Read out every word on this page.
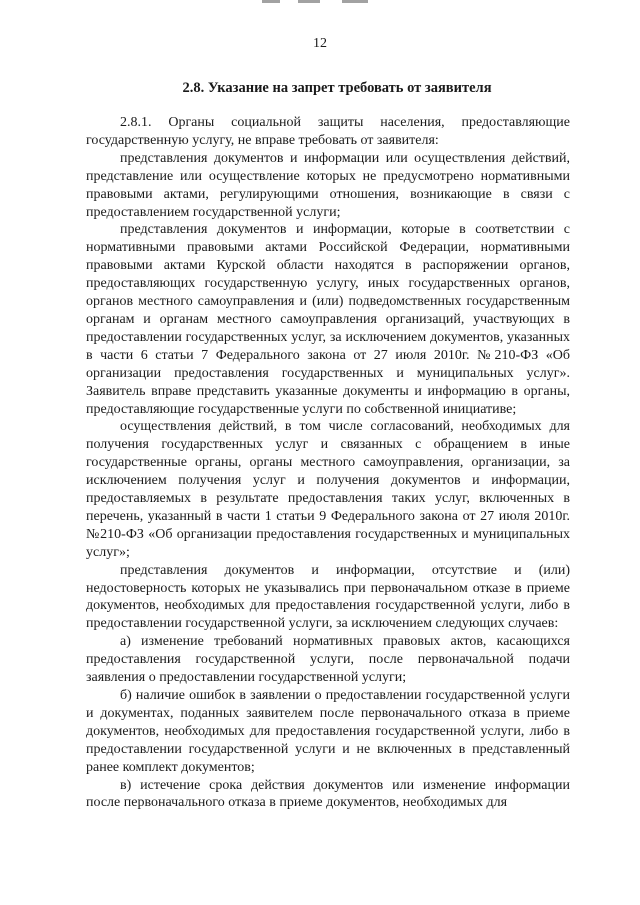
12
2.8. Указание на запрет требовать от заявителя

2.8.1. Органы социальной защиты населения, предоставляющие государственную услугу, не вправе требовать от заявителя:

представления документов и информации или осуществления действий, представление или осуществление которых не предусмотрено нормативными правовыми актами, регулирующими отношения, возникающие в связи с предоставлением государственной услуги;

представления документов и информации, которые в соответствии с нормативными правовыми актами Российской Федерации, нормативными правовыми актами Курской области находятся в распоряжении органов, предоставляющих государственную услугу, иных государственных органов, органов местного самоуправления и (или) подведомственных государственным органам и органам местного самоуправления организаций, участвующих в предоставлении государственных услуг, за исключением документов, указанных в части 6 статьи 7 Федерального закона от 27 июля 2010г. №210-ФЗ «Об организации предоставления государственных и муниципальных услуг». Заявитель вправе представить указанные документы и информацию в органы, предоставляющие государственные услуги по собственной инициативе;

осуществления действий, в том числе согласований, необходимых для получения государственных услуг и связанных с обращением в иные государственные органы, органы местного самоуправления, организации, за исключением получения услуг и получения документов и информации, предоставляемых в результате предоставления таких услуг, включенных в перечень, указанный в части 1 статьи 9 Федерального закона от 27 июля 2010г. №210-ФЗ «Об организации предоставления государственных и муниципальных услуг»;

представления документов и информации, отсутствие и (или) недостоверность которых не указывались при первоначальном отказе в приеме документов, необходимых для предоставления государственной услуги, либо в предоставлении государственной услуги, за исключением следующих случаев:

а) изменение требований нормативных правовых актов, касающихся предоставления государственной услуги, после первоначальной подачи заявления о предоставлении государственной услуги;

б) наличие ошибок в заявлении о предоставлении государственной услуги и документах, поданных заявителем после первоначального отказа в приеме документов, необходимых для предоставления государственной услуги, либо в предоставлении государственной услуги и не включенных в представленный ранее комплект документов;

в) истечение срока действия документов или изменение информации после первоначального отказа в приеме документов, необходимых для
